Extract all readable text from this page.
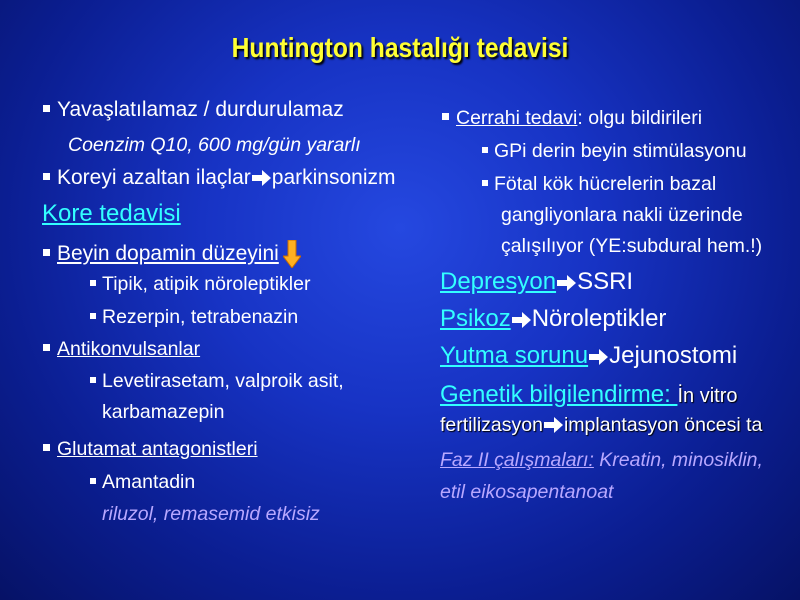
Huntington hastalığı tedavisi
Yavaşlatılamaz / durdurulamaz
Coenzim Q10, 600 mg/gün yararlı
Koreyi azaltan ilaçlar parkinsonizm
Kore tedavisi
Beyin dopamin düzeyini
Tipik, atipik nöroleptikler
Rezerpin, tetrabenazin
Antikonvulsanlar
Levetirasetam, valproik asit,
karbamazepin
Glutamat antagonistleri
Amantadin
riluzol, remasemid etkisiz
Cerrahi tedavi: olgu bildirileri
GPi derin beyin stimülasyonu
Fötal kök hücrelerin bazal
gangliyonlara nakli üzerinde
çalışılıyor (YE:subdural hem.!)
Depresyon SSRI
Psikoz Nöroleptikler
Yutma sorunu Jejunostomi
Genetik bilgilendirme: İn vitro
fertilizasyon implantasyon öncesi ta
Faz II çalışmaları: Kreatin, minosiklin,
etil eikosapentanoat
